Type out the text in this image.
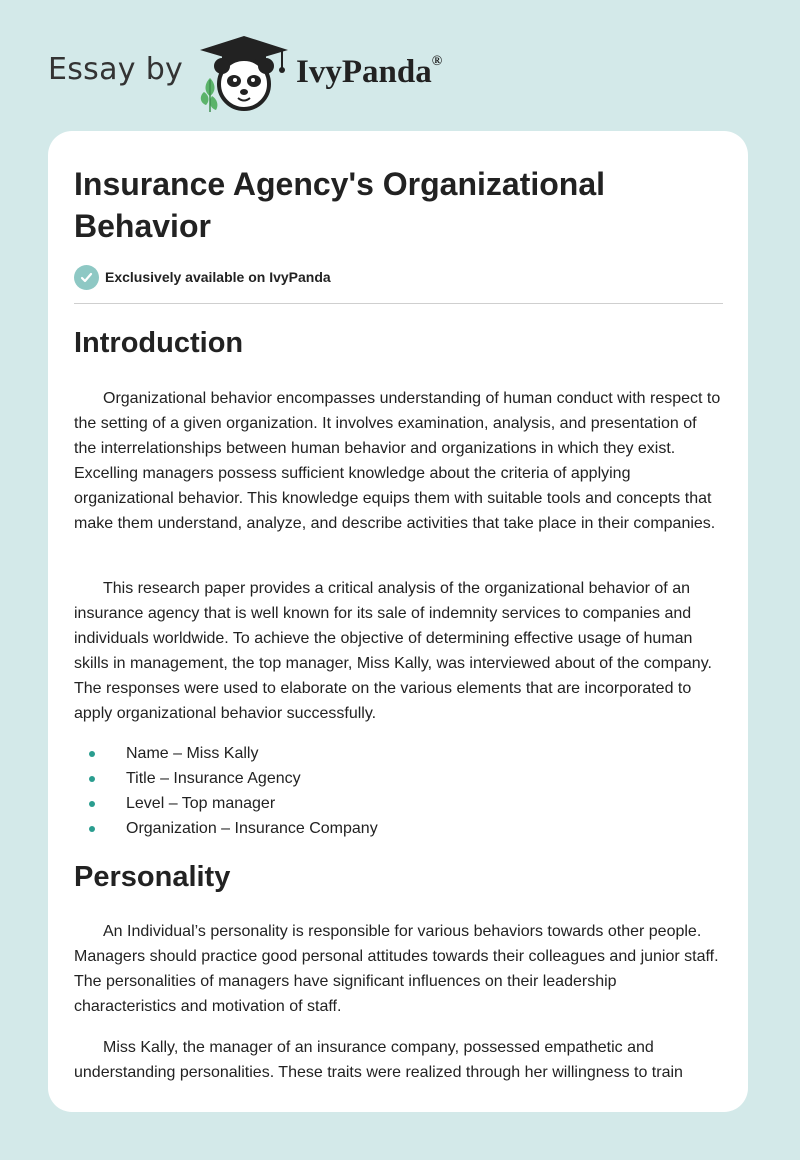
Essay by	IvyPanda®
Insurance Agency's Organizational Behavior
Exclusively available on IvyPanda
Introduction

Organizational behavior encompasses understanding of human conduct with respect to the setting of a given organization. It involves examination, analysis, and presentation of the interrelationships between human behavior and organizations in which they exist. Excelling managers possess sufficient knowledge about the criteria of applying organizational behavior. This knowledge equips them with suitable tools and concepts that make them understand, analyze, and describe activities that take place in their companies.

This research paper provides a critical analysis of the organizational behavior of an insurance agency that is well known for its sale of indemnity services to companies and individuals worldwide. To achieve the objective of determining effective usage of human skills in management, the top manager, Miss Kally, was interviewed about of the company. The responses were used to elaborate on the various elements that are incorporated to apply organizational behavior successfully.

Name – Miss Kally
Title – Insurance Agency
Level – Top manager
Organization – Insurance Company
Personality

An Individual’s personality is responsible for various behaviors towards other people. Managers should practice good personal attitudes towards their colleagues and junior staff. The personalities of managers have significant influences on their leadership characteristics and motivation of staff.

Miss Kally, the manager of an insurance company, possessed empathetic and understanding personalities. These traits were realized through her willingness to train
